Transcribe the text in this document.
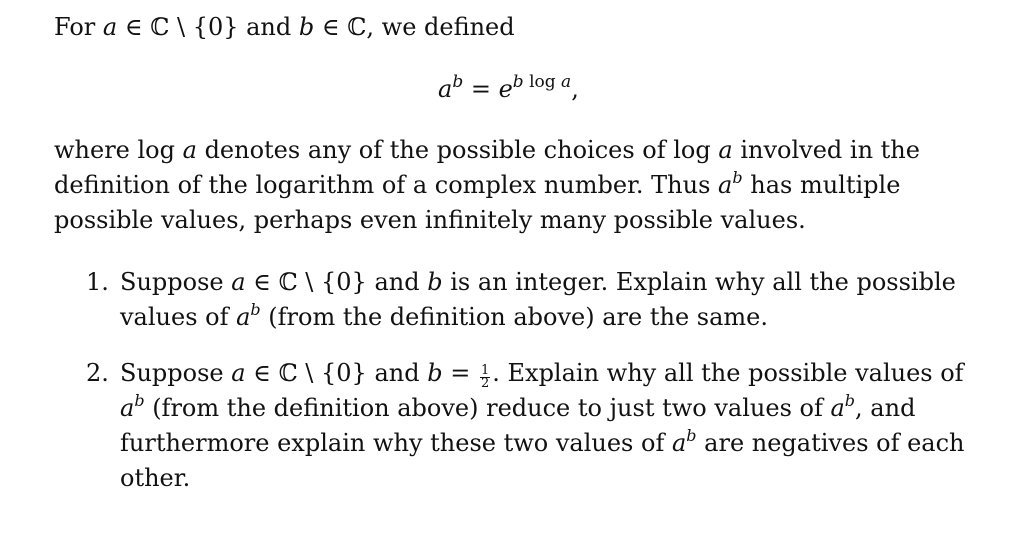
For a ∈ ℂ \ {0} and b ∈ ℂ, we defined
$a^b = e^{b log a}$,
where log a denotes any of the possible choices of log a involved in the
definition of the logarithm of a complex number. Thus $a^b$ has multiple
possible values, perhaps even infinitely many possible values.
1. Suppose a ∈ ℂ \ {0} and b is an integer. Explain why all the possible
values of $a^b$ (from the definition above) are the same.
2. Suppose a ∈ ℂ \ {0} and $b = \frac{1}{2}$ . Explain why all the possible values of
$a^b$ (from the definition above) reduce to just two values of $a^b$, and
furthermore explain why these two values of $a^b$ are negatives of each
other.
